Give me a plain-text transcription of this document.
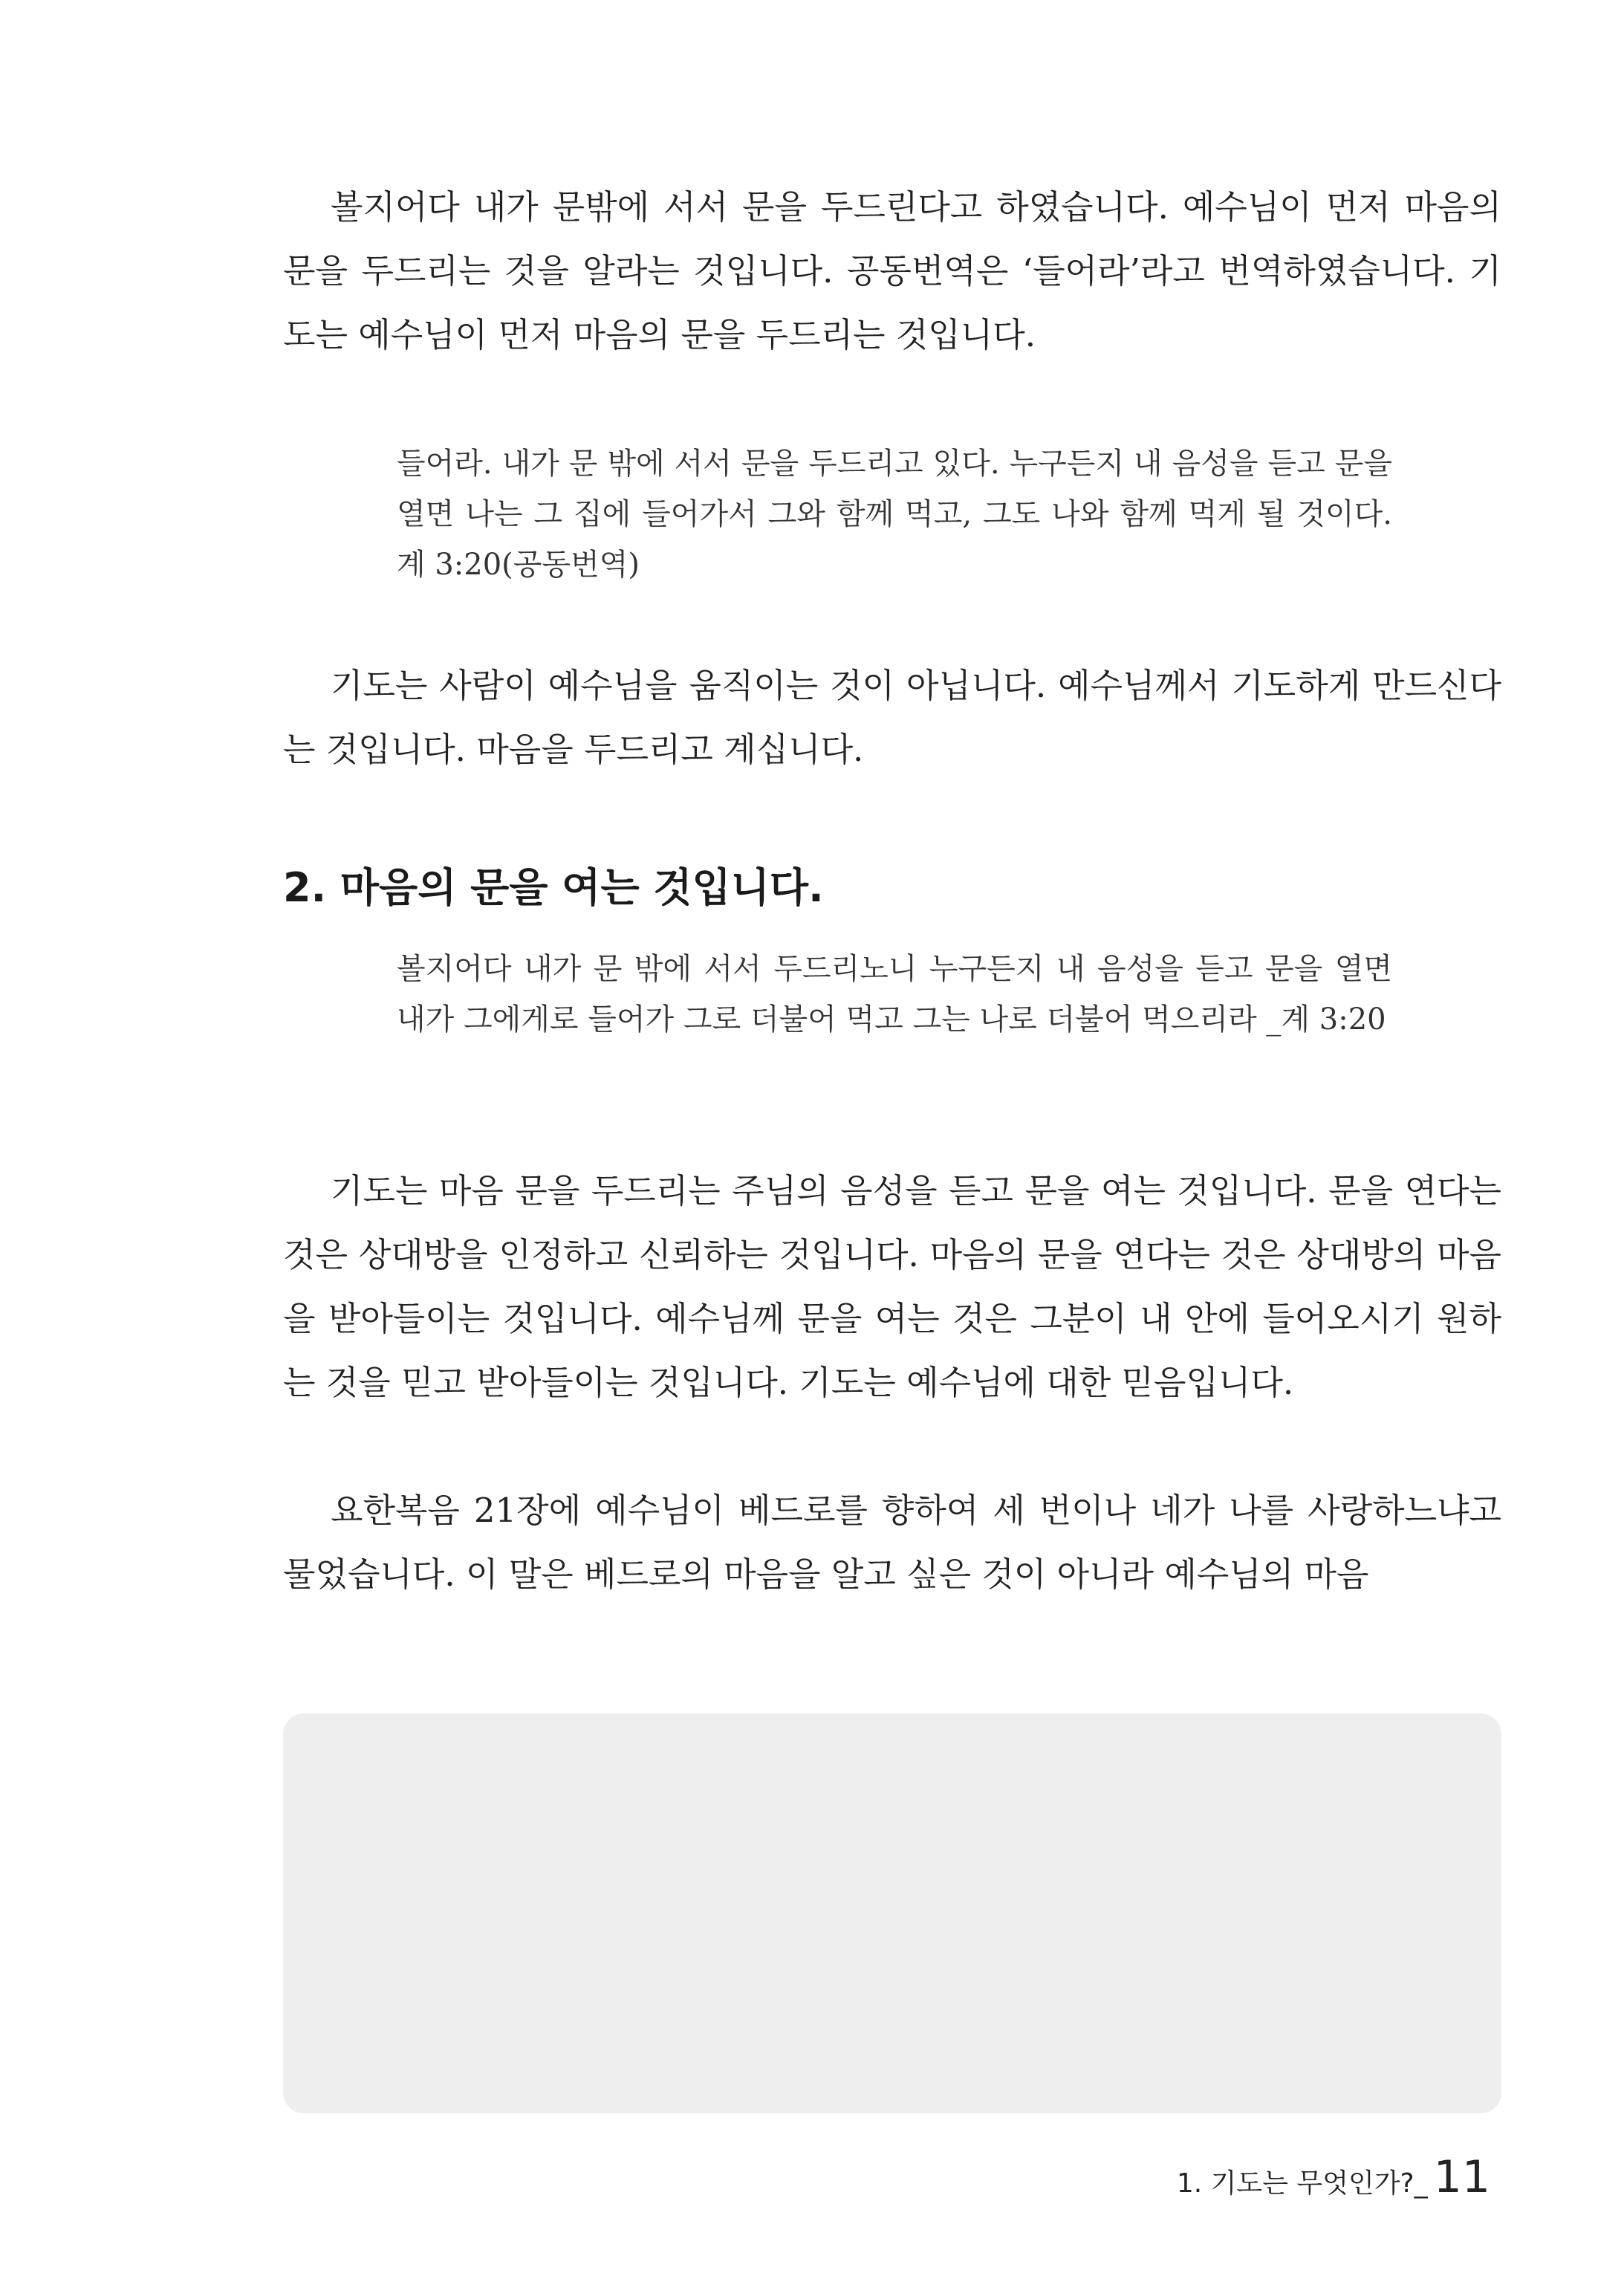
볼지어다 내가 문밖에 서서 문을 두드린다고 하였습니다. 예수님이 먼저 마음의 문을 두드리는 것을 알라는 것입니다. 공동번역은 ‘들어라’라고 번역하였습니다. 기도는 예수님이 먼저 마음의 문을 두드리는 것입니다.

들어라. 내가 문 밖에 서서 문을 두드리고 있다. 누구든지 내 음성을 듣고 문을 열면 나는 그 집에 들어가서 그와 함께 먹고, 그도 나와 함께 먹게 될 것이다. 계 3:20(공동번역)

기도는 사람이 예수님을 움직이는 것이 아닙니다. 예수님께서 기도하게 만드신다는 것입니다. 마음을 두드리고 계십니다.

2. 마음의 문을 여는 것입니다.

볼지어다 내가 문 밖에 서서 두드리노니 누구든지 내 음성을 듣고 문을 열면 내가 그에게로 들어가 그로 더불어 먹고 그는 나로 더불어 먹으리라 _계 3:20

기도는 마음 문을 두드리는 주님의 음성을 듣고 문을 여는 것입니다. 문을 연다는 것은 상대방을 인정하고 신뢰하는 것입니다. 마음의 문을 연다는 것은 상대방의 마음을 받아들이는 것입니다. 예수님께 문을 여는 것은 그분이 내 안에 들어오시기 원하는 것을 믿고 받아들이는 것입니다. 기도는 예수님에 대한 믿음입니다.

요한복음 21장에 예수님이 베드로를 향하여 세 번이나 네가 나를 사랑하느냐고 물었습니다. 이 말은 베드로의 마음을 알고 싶은 것이 아니라 예수님의 마음

1. 기도는 무엇인가?_ 11
